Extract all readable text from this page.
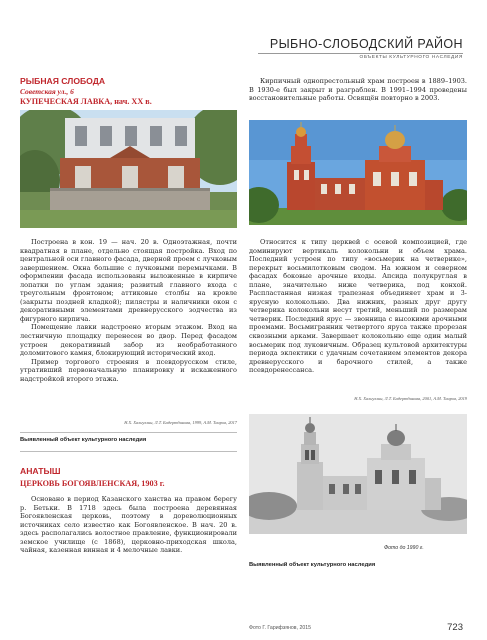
РЫБНО-СЛОБОДСКИЙ РАЙОН
ОБЪЕКТЫ КУЛЬТУРНОГО НАСЛЕДИЯ
РЫБНАЯ СЛОБОДА
Советская ул., 6
КУПЕЧЕСКАЯ ЛАВКА, нач. XX в.

Кирпичный однопрестольный храм построен в 1889–1903. В 1930-е был закрыт и разграблен. В 1991–1994 проведены восстановительные работы. Освящён повторно в 2003.

Построена в кон. 19 — нач. 20 в. Одноэтажная, почти квадратная в плане, отдельно стоящая постройка. Вход по центральной оси главного фасада, дверной проем с лучковым завершением. Окна большие с лучковыми перемычками. В оформлении фасада использованы выложенные в кирпиче лопатки по углам здания; развитый главного входа с треугольным фронтоном; аттиковые столбы на кровле (закрыты поздней кладкой); пилястры и наличники окон с декоративными элементами древнерусского зодчества из фигурного кирпича.

Помещение лавки надстроено вторым этажом. Вход на лестничную площадку перенесен во двор. Перед фасадом устроен декоративный забор из необработанного доломитового камня, блокирующий исторический вход.

Пример торгового строения в псевдорусском стиле, утративший первоначальную планировку и искаженного надстройкой второго этажа.

Н.Х. Халиуллин, Л.Т. Бадертдинова, 1999, А.М. Таиров, 2017
Выявленный объект культурного наследия

Относится к типу церквей с осевой композицией, где доминируют вертикаль колокольни и объем храма. Последний устроен по типу «восьмерик на четверике», перекрыт восьмилотковым сводом. На южном и северном фасадах боковые арочные входы. Апсида полукруглая в плане, значительно ниже четверика, под конхой. Распластанная низкая трапезная объединяет храм и 3-ярусную колокольню. Два нижних, разных друг другу четверика колокольни несут третий, меньший по размерам четверик. Последний ярус — звонница с высокими арочными проемами. Восьмигранник четвертого яруса также прорезан сквозными арками. Завершает колокольню еще один малый восьмерик под луковичным. Образец культовой архитектуры периода эклектики с удачным сочетанием элементов декора древнерусского и барочного стилей, а также псевдоренессанса.

Н.Х. Халиуллин, Л.Т. Бадертдинова, 2001, А.М. Таиров, 2019
АНАТЫШ
ЦЕРКОВЬ БОГОЯВЛЕНСКАЯ, 1903 г.

Основано в период Казанского ханства на правом берегу р. Бетьки. В 1718 здесь была построена деревянная Богоявленская церковь, поэтому в дореволюционных источниках село известно как Богоявленское. В нач. 20 в. здесь располагались волостное правление, функционировали земское училище (с 1868), церковно-приходская школа, чайная, казенная винная и 4 мелочные лавки.	Фото до 1990 г.
Выявленный объект культурного наследия
Фото Г. Гарифзянов, 2015	723
